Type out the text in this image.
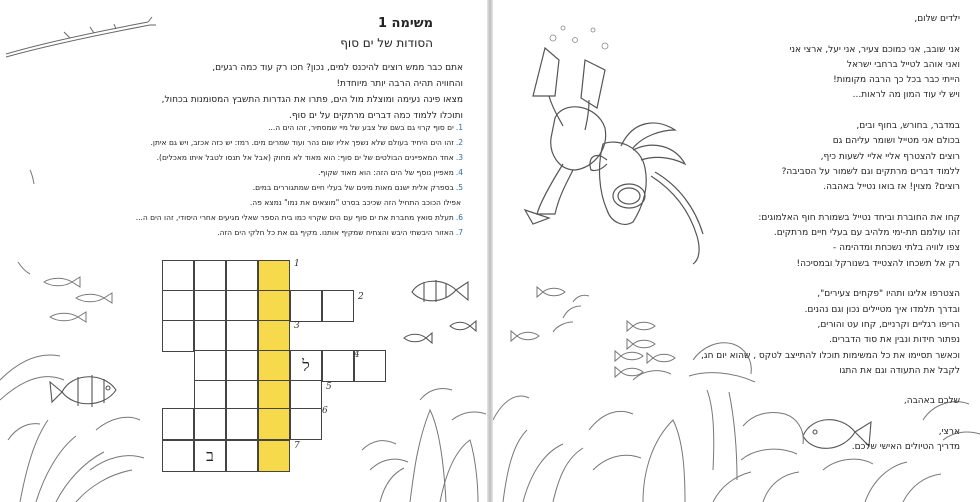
משימה 1
הסודות של ים סוף
אתם כבר ממש רוצים להיכנס למים, נכון? חכו רק עוד כמה רגעים,
והחוויה תהיה הרבה יותר מיוחדת!
מצאו פינה נעימה ומוצלת מול הים, פתרו את הגדרות התשבץ המסומנות בכחול,
ותוכלו ללמוד כמה דברים מרתקים על ים סוף.
1.ים סוף קרוי גם בשם של צבע של מיי שמסתיר, זהו הים ה...
2.זהו הים היחיד בעולם שלא נשפך אליו שום נהר ועוד שמרים מים. רמז: יש כזה אכזב, ויש גם איתן.
3.אחד המאפיינים הבולטים של ים סוף: הוא מאוד לא מחוק (אבל אל תנסו לטבל איתו מאכלים).
4.מאפיין נוסף של הים הזה: הוא מאוד שקוף.
5.בספרק אלית ישנם מאות מינים של בעלי חיים שמתגוררים במים.
אפילו הכוכב התחיל הזה שכיכב בסרט "מוצאים את נמו" נמצא פה.
6.תעלת סואץ מחברת את ים סוף עם הים שקרוי כמו בית הספר שאלי מגיעים אחרי היסודי, זהו הים ה...
7.האזור היבשתי היבש והצחיח שמקיף אותנו. מקיף גם את כל חלקי הים הזה.
1
2
3
4
5
6
7
ל
ב
ילדים שלום,
אני שובב, אני כמוכם צעיר, אני יעל, ארצי אני
ואני אוהב לטייל ברחבי ישראל
הייתי כבר בכל כך הרבה מקומות!
ויש לי עוד המון מה לראות...
במדבר, בחורש, בחוף ובים,
בכולם אני מטייל ושומר עליהם גם
רוצים להצטרף אליי אליי לשעות כיף,
ללמוד דברים מרתקים וגם לשמור על הסביבה?
רוצים? מצוין! אז בואו נטייל באהבה.
קחו את החוברת וביחד נטייל בשמורת חוף האלמוגים:
זהו עולמם תת-ימי מלהיב עם בעלי חיים מרתקים.
צפו לוויה בלתי נשכחת ומדהימה -
רק אל תשכחו להצטייד בשנורקל ובמסיכה!
הצטרפו אליגו ותהיו "פקחים צעירים",
ובדרך תלמדו איך מטיילים נכון וגם נהנים.
הריפו רגליים וקרניים, קחו עט והורים,
נפתור חידות ונבין את סוד הדברים.
וכאשר תסיימו את כל המשימות תוכלו להתייצב לטקס , שהוא יום חג,
לקבל את התעודה וגם את התגו
שלכם באהבה,
ארצי,
מדריך הטיולים האישי שלכם.
